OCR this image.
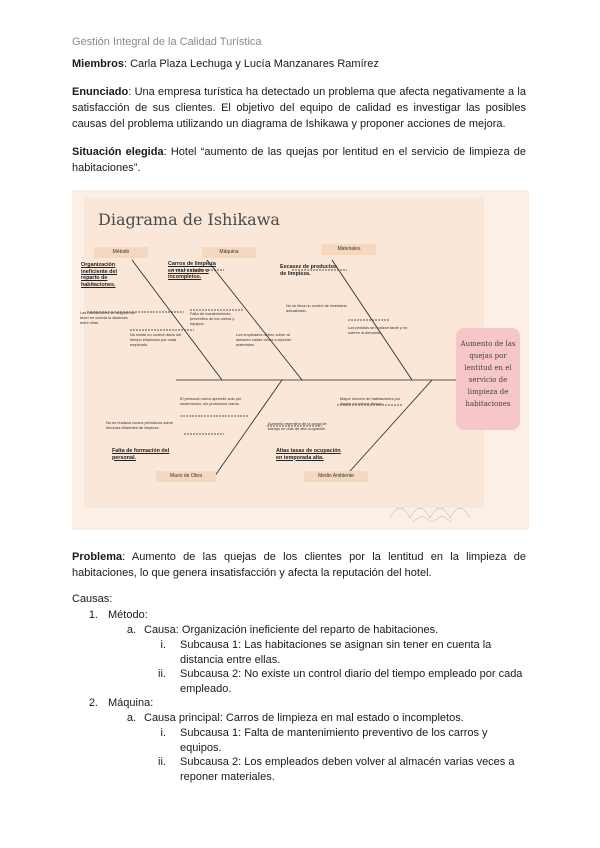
Gestión Integral de la Calidad Turística
Miembros: Carla Plaza Lechuga y Lucía Manzanares Ramírez
Enunciado: Una empresa turística ha detectado un problema que afecta negativamente a la satisfacción de sus clientes. El objetivo del equipo de calidad es investigar las posibles causas del problema utilizando un diagrama de Ishikawa y proponer acciones de mejora.
Situación elegida: Hotel “aumento de las quejas por lentitud en el servicio de limpieza de habitaciones”.
Diagrama de Ishikawa
Método	Máquina	Materiales
Mano de Obra	Medio Ambiente
Organización ineficiente del reparto de habitaciones.
Carros de limpieza en mal estado o incompletos.
Escasez de productos de limpieza.
Falta de formación del personal.
Altas tasas de ocupación en temporada alta.
Las habitaciones se asignan sin tener en cuenta la distancia entre ellas.
No existe un control diario del tiempo empleado por cada empleado.
Falta de mantenimiento preventivo de los carros y equipos.
Los empleados deben volver al almacén varias veces a reponer materiales.
No se lleva un control de inventario actualizado.
Los pedidos se realizan tarde y no cubren la demanda.
El personal nuevo aprende solo por observación, sin protocolos claros.
No se realizan cursos periódicos sobre técnicas eficientes de limpieza.
Mayor número de habitaciones por limpiar en menos tiempo.
Aumento repentino de la carga de trabajo en días de alta ocupación.
Aumento de las quejas por lentitud en el servicio de limpieza de habitaciones
Problema: Aumento de las quejas de los clientes por la lentitud en la limpieza de habitaciones, lo que genera insatisfacción y afecta la reputación del hotel.
Causas:
1. Método:
a. Causa: Organización ineficiente del reparto de habitaciones.
i. Subcausa 1: Las habitaciones se asignan sin tener en cuenta la
distancia entre ellas.
ii. Subcausa 2: No existe un control diario del tiempo empleado por cada
empleado.
2. Máquina:
a. Causa principal: Carros de limpieza en mal estado o incompletos.
i. Subcausa 1: Falta de mantenimiento preventivo de los carros y
equipos.
ii. Subcausa 2: Los empleados deben volver al almacén varias veces a
reponer materiales.
